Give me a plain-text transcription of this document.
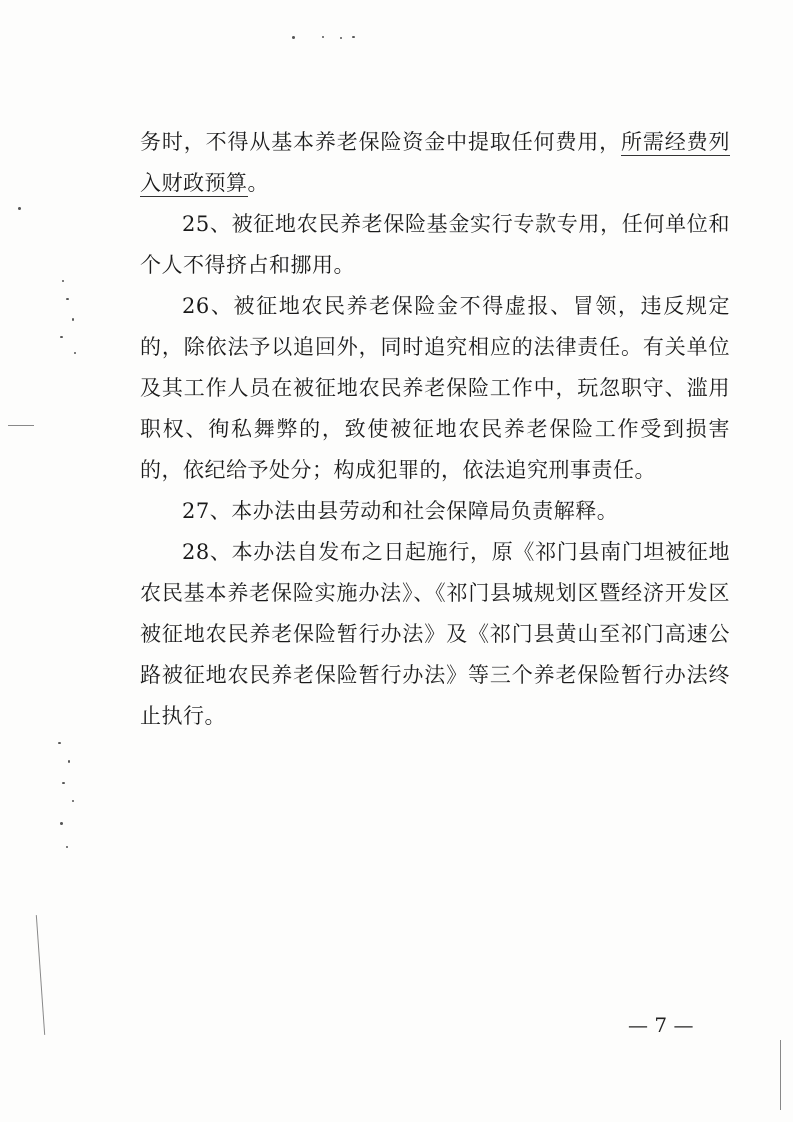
务时，不得从基本养老保险资金中提取任何费用，所需经费列入财政预算。

25、被征地农民养老保险基金实行专款专用，任何单位和个人不得挤占和挪用。

26、被征地农民养老保险金不得虚报、冒领，违反规定的，除依法予以追回外，同时追究相应的法律责任。有关单位及其工作人员在被征地农民养老保险工作中，玩忽职守、滥用职权、徇私舞弊的，致使被征地农民养老保险工作受到损害的，依纪给予处分；构成犯罪的，依法追究刑事责任。

27、本办法由县劳动和社会保障局负责解释。

28、本办法自发布之日起施行，原《祁门县南门坦被征地农民基本养老保险实施办法》、《祁门县城规划区暨经济开发区被征地农民养老保险暂行办法》及《祁门县黄山至祁门高速公路被征地农民养老保险暂行办法》等三个养老保险暂行办法终止执行。

— 7 —
